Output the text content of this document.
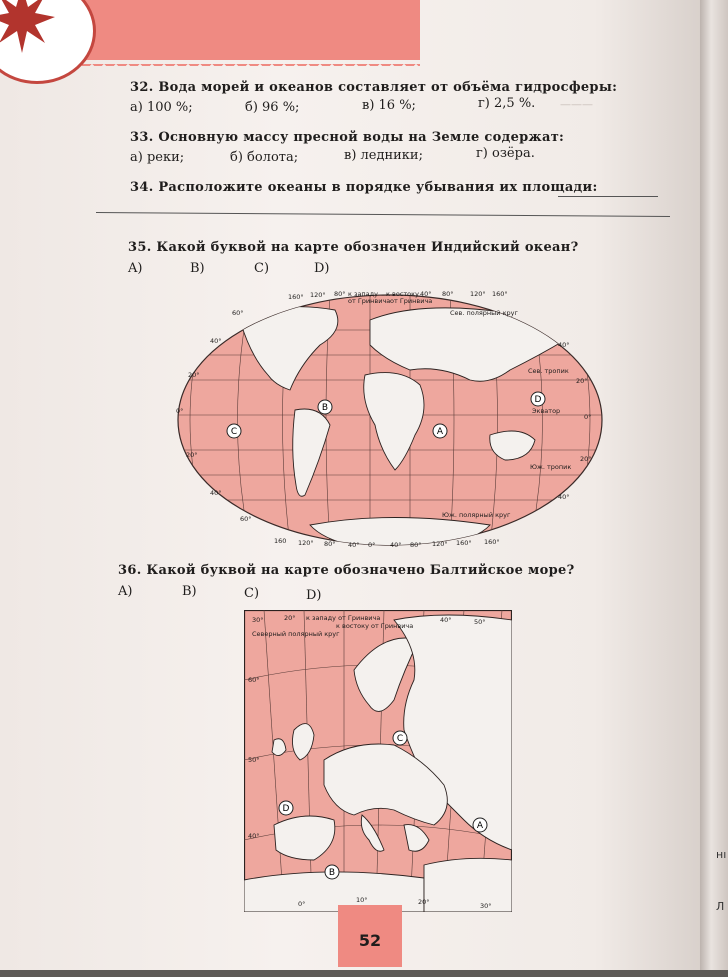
———
32. Вода морей и океанов составляет от объёма гидросферы:
а) 100 %;	б) 96 %;	в) 16 %;	г) 2,5 %.
33. Основную массу пресной воды на Земле содержат:
а) реки;	б) болота;	в) ледники;	г) озёра.
34. Расположите океаны в порядке убывания их площади:
35. Какой буквой на карте обозначен Индийский океан?
A)	B)	C)	D)
160° 120° 80° к западу
от Гринвича
к востоку
от Гринвича
40° 80°	120° 160°
160 120° 80° 40° 0° 40° 80° 120° 160° 160°
60°
40°
20°
0°
20°
40°
60°
40°
20°
0°
20°
40°
Сев. полярный круг
Сев. тропик
Экватор
Юж. тропик
Юж. полярный круг
A
B
C
D
36. Какой буквой на карте обозначено Балтийское море?
A)	B)	C)	D)
30°	20° к западу от Гринвича
к востоку от Гринвича
40°	50°
Северный полярный круг
60°
50°
40°
0°	10°	20°	30°
A
B
C
D
52
нı
Л
